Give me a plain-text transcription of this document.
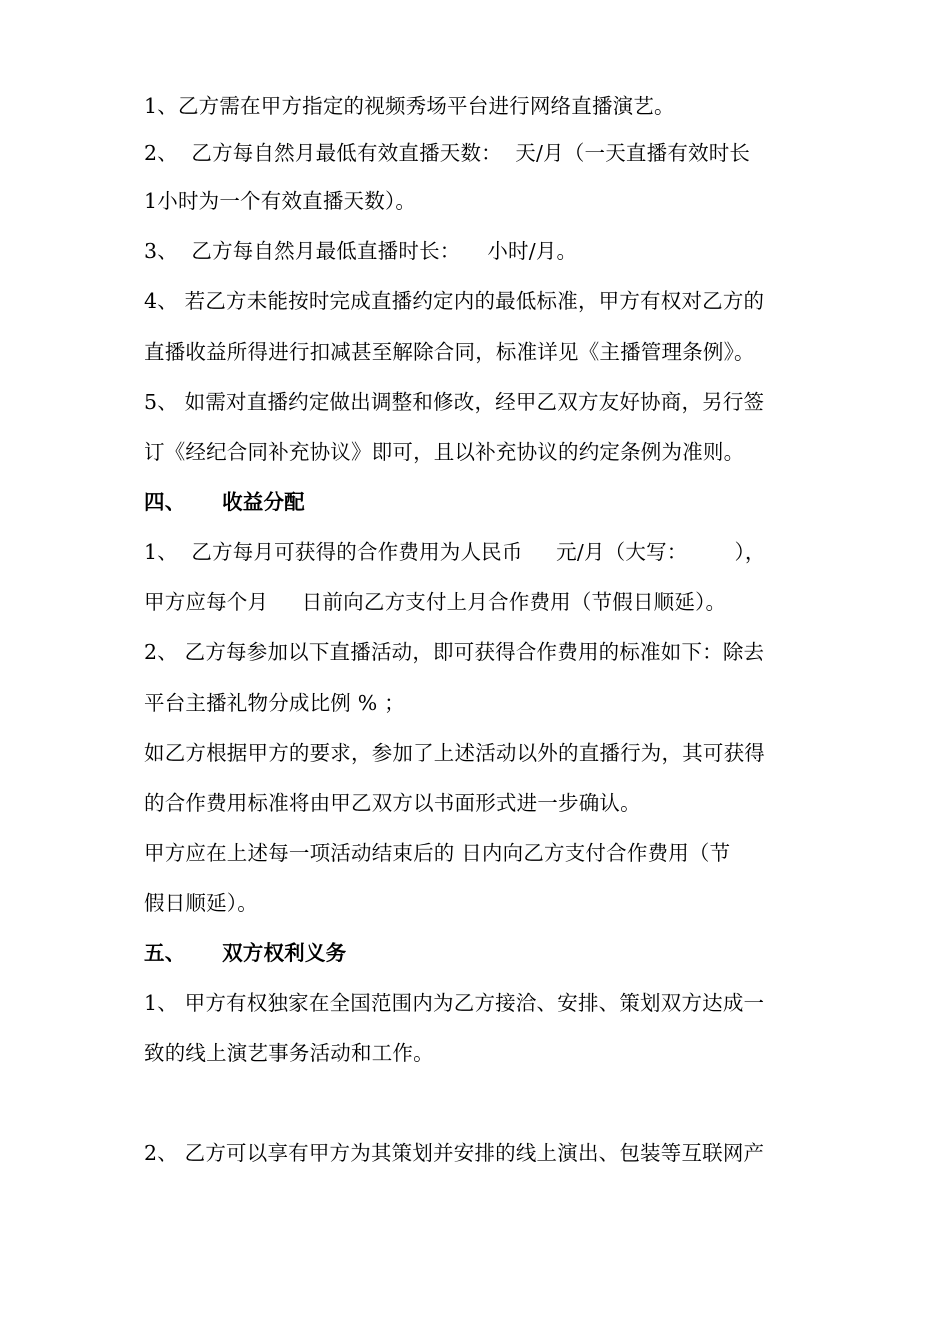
1、乙方需在甲方指定的视频秀场平台进行网络直播演艺。
2、  乙方每自然月最低有效直播天数：  天/月（一天直播有效时长
1小时为一个有效直播天数）。
3、  乙方每自然月最低直播时长：    小时/月。
4、 若乙方未能按时完成直播约定内的最低标准，甲方有权对乙方的
直播收益所得进行扣减甚至解除合同，标准详见《主播管理条例》。
5、 如需对直播约定做出调整和修改，经甲乙双方友好协商，另行签
订《经纪合同补充协议》即可，且以补充协议的约定条例为准则。
四、     收益分配
1、  乙方每月可获得的合作费用为人民币     元/月（大写：       ），
甲方应每个月     日前向乙方支付上月合作费用（节假日顺延）。
2、 乙方每参加以下直播活动，即可获得合作费用的标准如下：除去
平台主播礼物分成比例 % ；
如乙方根据甲方的要求，参加了上述活动以外的直播行为，其可获得
的合作费用标准将由甲乙双方以书面形式进一步确认。
甲方应在上述每一项活动结束后的 日内向乙方支付合作费用（节
假日顺延）。
五、     双方权利义务
1、 甲方有权独家在全国范围内为乙方接洽、安排、策划双方达成一
致的线上演艺事务活动和工作。
2、 乙方可以享有甲方为其策划并安排的线上演出、包装等互联网产
